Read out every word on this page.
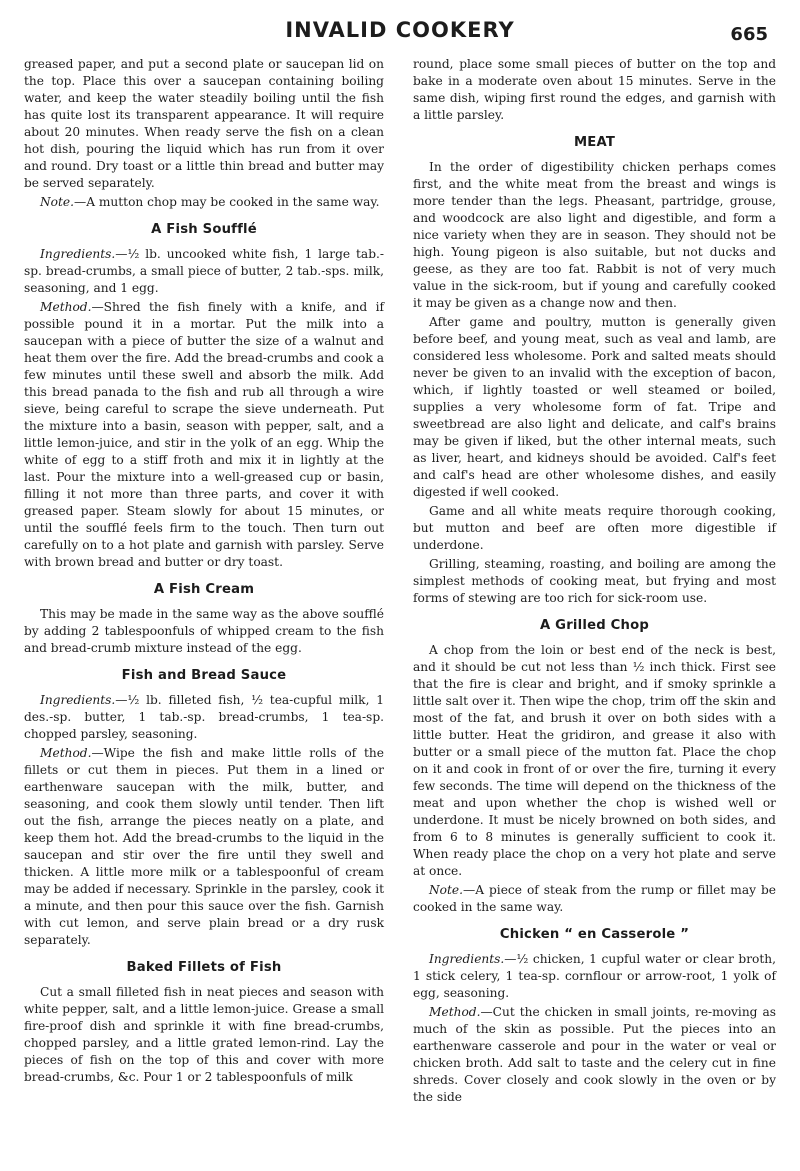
INVALID COOKERY	665

greased paper, and put a second plate or saucepan lid on the top. Place this over a saucepan containing boiling water, and keep the water steadily boiling until the fish has quite lost its transparent appearance. It will require about 20 minutes. When ready serve the fish on a clean hot dish, pouring the liquid which has run from it over and round. Dry toast or a little thin bread and butter may be served separately.

Note.—A mutton chop may be cooked in the same way.

A Fish Soufflé

Ingredients.—½ lb. uncooked white fish, 1 large tab.-sp. bread-crumbs, a small piece of butter, 2 tab.-sps. milk, seasoning, and 1 egg.

Method.—Shred the fish finely with a knife, and if possible pound it in a mortar. Put the milk into a saucepan with a piece of butter the size of a walnut and heat them over the fire. Add the bread-crumbs and cook a few minutes until these swell and absorb the milk. Add this bread panada to the fish and rub all through a wire sieve, being careful to scrape the sieve underneath. Put the mixture into a basin, season with pepper, salt, and a little lemon-juice, and stir in the yolk of an egg. Whip the white of egg to a stiff froth and mix it in lightly at the last. Pour the mixture into a well-greased cup or basin, filling it not more than three parts, and cover it with greased paper. Steam slowly for about 15 minutes, or until the soufflé feels firm to the touch. Then turn out carefully on to a hot plate and garnish with parsley. Serve with brown bread and butter or dry toast.

A Fish Cream

This may be made in the same way as the above soufflé by adding 2 tablespoonfuls of whipped cream to the fish and bread-crumb mixture instead of the egg.

Fish and Bread Sauce

Ingredients.—½ lb. filleted fish, ½ tea-cupful milk, 1 des.-sp. butter, 1 tab.-sp. bread-crumbs, 1 tea-sp. chopped parsley, seasoning.

Method.—Wipe the fish and make little rolls of the fillets or cut them in pieces. Put them in a lined or earthenware saucepan with the milk, butter, and seasoning, and cook them slowly until tender. Then lift out the fish, arrange the pieces neatly on a plate, and keep them hot. Add the bread-crumbs to the liquid in the saucepan and stir over the fire until they swell and thicken. A little more milk or a tablespoonful of cream may be added if necessary. Sprinkle in the parsley, cook it a minute, and then pour this sauce over the fish. Garnish with cut lemon, and serve plain bread or a dry rusk separately.

Baked Fillets of Fish

Cut a small filleted fish in neat pieces and season with white pepper, salt, and a little lemon-juice. Grease a small fire-proof dish and sprinkle it with fine bread-crumbs, chopped parsley, and a little grated lemon-rind. Lay the pieces of fish on the top of this and cover with more bread-crumbs, &c. Pour 1 or 2 tablespoonfuls of milk

round, place some small pieces of butter on the top and bake in a moderate oven about 15 minutes. Serve in the same dish, wiping first round the edges, and garnish with a little parsley.

MEAT

In the order of digestibility chicken perhaps comes first, and the white meat from the breast and wings is more tender than the legs. Pheasant, partridge, grouse, and woodcock are also light and digestible, and form a nice variety when they are in season. They should not be high. Young pigeon is also suitable, but not ducks and geese, as they are too fat. Rabbit is not of very much value in the sick-room, but if young and carefully cooked it may be given as a change now and then.

After game and poultry, mutton is generally given before beef, and young meat, such as veal and lamb, are considered less wholesome. Pork and salted meats should never be given to an invalid with the exception of bacon, which, if lightly toasted or well steamed or boiled, supplies a very wholesome form of fat. Tripe and sweetbread are also light and delicate, and calf's brains may be given if liked, but the other internal meats, such as liver, heart, and kidneys should be avoided. Calf's feet and calf's head are other wholesome dishes, and easily digested if well cooked.

Game and all white meats require thorough cooking, but mutton and beef are often more digestible if underdone.

Grilling, steaming, roasting, and boiling are among the simplest methods of cooking meat, but frying and most forms of stewing are too rich for sick-room use.

A Grilled Chop

A chop from the loin or best end of the neck is best, and it should be cut not less than ½ inch thick. First see that the fire is clear and bright, and if smoky sprinkle a little salt over it. Then wipe the chop, trim off the skin and most of the fat, and brush it over on both sides with a little butter. Heat the gridiron, and grease it also with butter or a small piece of the mutton fat. Place the chop on it and cook in front of or over the fire, turning it every few seconds. The time will depend on the thickness of the meat and upon whether the chop is wished well or underdone. It must be nicely browned on both sides, and from 6 to 8 minutes is generally sufficient to cook it. When ready place the chop on a very hot plate and serve at once.

Note.—A piece of steak from the rump or fillet may be cooked in the same way.

Chicken “ en Casserole ”

Ingredients.—½ chicken, 1 cupful water or clear broth, 1 stick celery, 1 tea-sp. cornflour or arrow-root, 1 yolk of egg, seasoning.

Method.—Cut the chicken in small joints, re-moving as much of the skin as possible. Put the pieces into an earthenware casserole and pour in the water or veal or chicken broth. Add salt to taste and the celery cut in fine shreds. Cover closely and cook slowly in the oven or by the side
